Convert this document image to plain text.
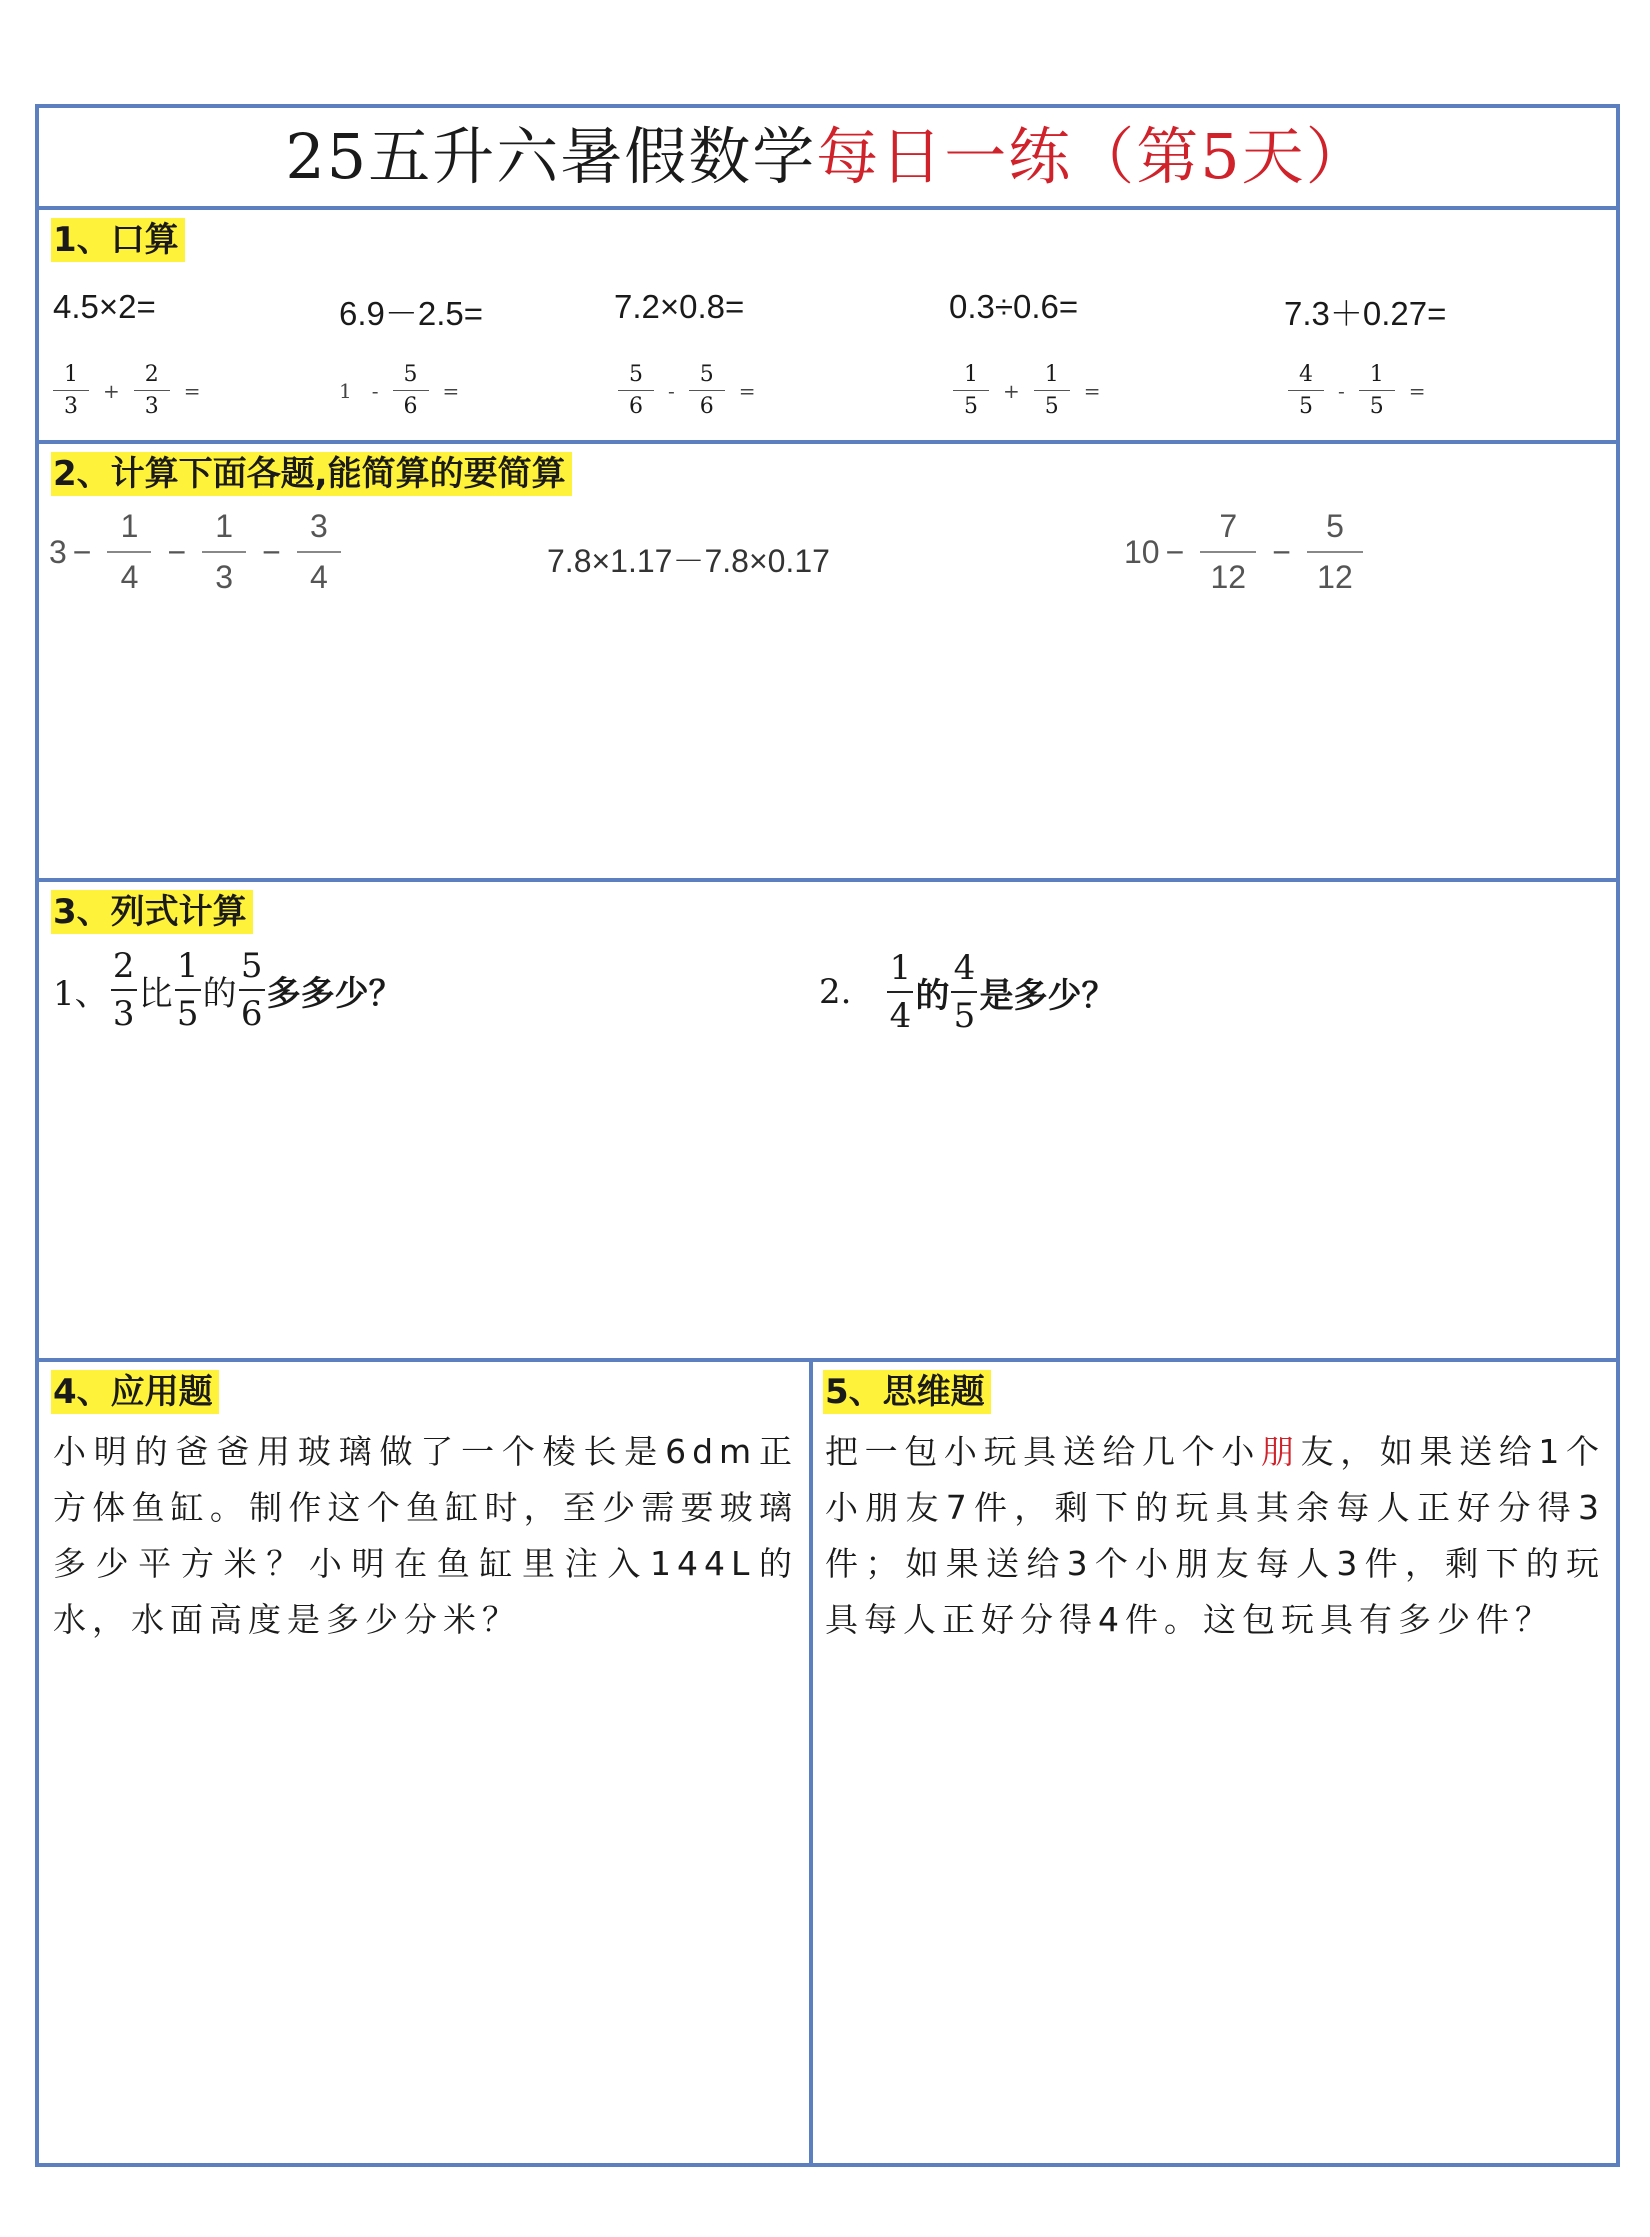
25五升六暑假数学每日一练（第5天）
1、口算
4.5×2=	6.9－2.5=	7.2×0.8=	0.3÷0.6=	7.3＋0.27=
$\frac{1}{3} + \frac{2}{3}$ =	$1 - \frac{5}{6}$ =	$\frac{5}{6} - \frac{5}{6}$ =	$\frac{1}{5} + \frac{1}{5}$ =	$\frac{4}{5} - \frac{1}{5}$ =
2、计算下面各题,能简算的要简算
$3 - \frac{1}{4} - \frac{1}{3} - \frac{3}{4}$	7.8×1.17－7.8×0.17	$10 - \frac{7}{12} - \frac{5}{12}$
3、列式计算
1、 $\frac{2}{3}$ 比 $\frac{1}{5}$ 的 $\frac{5}{6}$ 多多少？	2. $\frac{1}{4}$ 的 $\frac{4}{5}$ 是多少？
4、应用题
小明的爸爸用玻璃做了一个棱长是6dm正方体鱼缸。制作这个鱼缸时，至少需要玻璃多少平方米？小明在鱼缸里注入144L的水，水面高度是多少分米？
5、思维题
把一包小玩具送给几个小朋友，如果送给1个小朋友7件，剩下的玩具其余每人正好分得3件；如果送给3个小朋友每人3件，剩下的玩具每人正好分得4件。这包玩具有多少件？
